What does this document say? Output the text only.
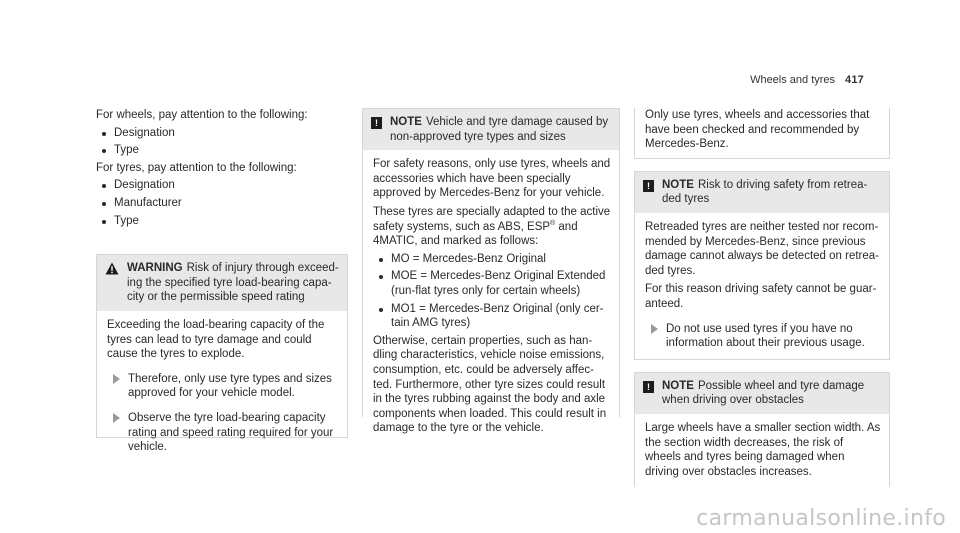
Wheels and tyres 417

For wheels, pay attention to the following:

Designation
Type

For tyres, pay attention to the following:

Designation
Manufacturer
Type
WARNING Risk of injury through exceed-ing the specified tyre load-bearing capa-city or the permissible speed rating

Exceeding the load-bearing capacity of the tyres can lead to tyre damage and could cause the tyres to explode.

Therefore, only use tyre types and sizes approved for your vehicle model.
Observe the tyre load-bearing capacity rating and speed rating required for your vehicle.
!	NOTE Vehicle and tyre damage caused by non-approved tyre types and sizes

For safety reasons, only use tyres, wheels and accessories which have been specially approved by Mercedes-Benz for your vehicle.

These tyres are specially adapted to the active safety systems, such as ABS, ESP® and 4MATIC, and marked as follows:

MO = Mercedes-Benz Original
MOE = Mercedes-Benz Original Extended (run-flat tyres only for certain wheels)
MO1 = Mercedes-Benz Original (only cer-tain AMG tyres)

Otherwise, certain properties, such as han-dling characteristics, vehicle noise emissions, consumption, etc. could be adversely affec-ted. Furthermore, other tyre sizes could result in the tyres rubbing against the body and axle components when loaded. This could result in damage to the tyre or the vehicle.

Only use tyres, wheels and accessories that have been checked and recommended by Mercedes-Benz.

!	NOTE Risk to driving safety from retrea-ded tyres

Retreaded tyres are neither tested nor recom-mended by Mercedes-Benz, since previous damage cannot always be detected on retrea-ded tyres.

For this reason driving safety cannot be guar-anteed.

Do not use used tyres if you have no information about their previous usage.
!	NOTE Possible wheel and tyre damage when driving over obstacles

Large wheels have a smaller section width. As the section width decreases, the risk of wheels and tyres being damaged when driving over obstacles increases.

carmanualsonline.info
